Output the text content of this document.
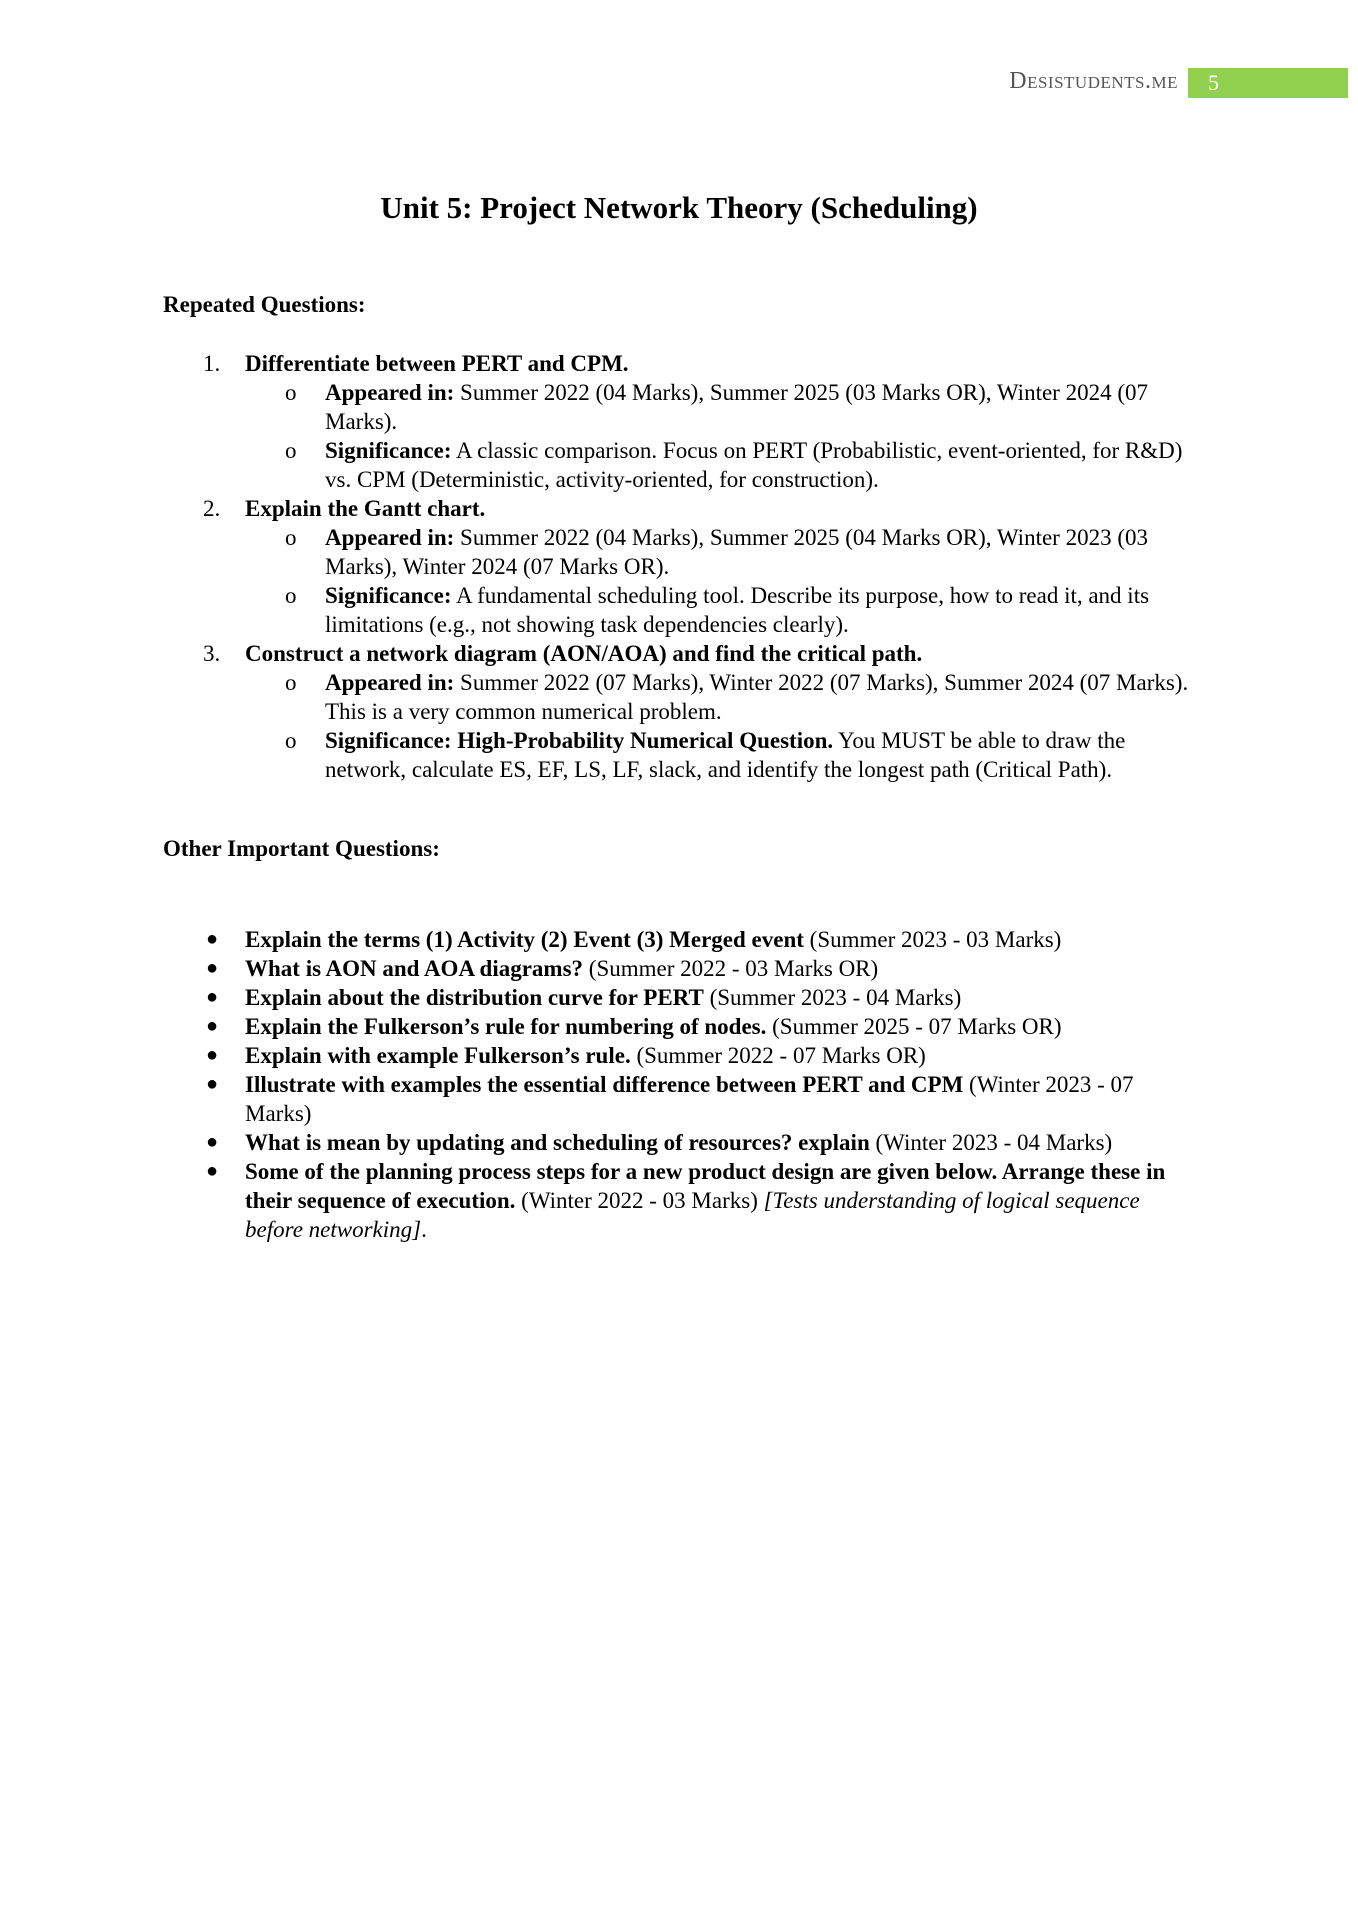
Desistudents.me	5
Unit 5: Project Network Theory (Scheduling)
Repeated Questions:
1. Differentiate between PERT and CPM.
o Appeared in: Summer 2022 (04 Marks), Summer 2025 (03 Marks OR), Winter 2024 (07 Marks).
o Significance: A classic comparison. Focus on PERT (Probabilistic, event-oriented, for R&D) vs. CPM (Deterministic, activity-oriented, for construction).
2. Explain the Gantt chart.
o Appeared in: Summer 2022 (04 Marks), Summer 2025 (04 Marks OR), Winter 2023 (03 Marks), Winter 2024 (07 Marks OR).
o Significance: A fundamental scheduling tool. Describe its purpose, how to read it, and its limitations (e.g., not showing task dependencies clearly).
3. Construct a network diagram (AON/AOA) and find the critical path.
o Appeared in: Summer 2022 (07 Marks), Winter 2022 (07 Marks), Summer 2024 (07 Marks). This is a very common numerical problem.
o Significance: High-Probability Numerical Question. You MUST be able to draw the network, calculate ES, EF, LS, LF, slack, and identify the longest path (Critical Path).
Other Important Questions:
● Explain the terms (1) Activity (2) Event (3) Merged event (Summer 2023 - 03 Marks)
● What is AON and AOA diagrams? (Summer 2022 - 03 Marks OR)
● Explain about the distribution curve for PERT (Summer 2023 - 04 Marks)
● Explain the Fulkerson’s rule for numbering of nodes. (Summer 2025 - 07 Marks OR)
● Explain with example Fulkerson’s rule. (Summer 2022 - 07 Marks OR)
● Illustrate with examples the essential difference between PERT and CPM (Winter 2023 - 07 Marks)
● What is mean by updating and scheduling of resources? explain (Winter 2023 - 04 Marks)
● Some of the planning process steps for a new product design are given below. Arrange these in their sequence of execution. (Winter 2022 - 03 Marks) [Tests understanding of logical sequence before networking].
